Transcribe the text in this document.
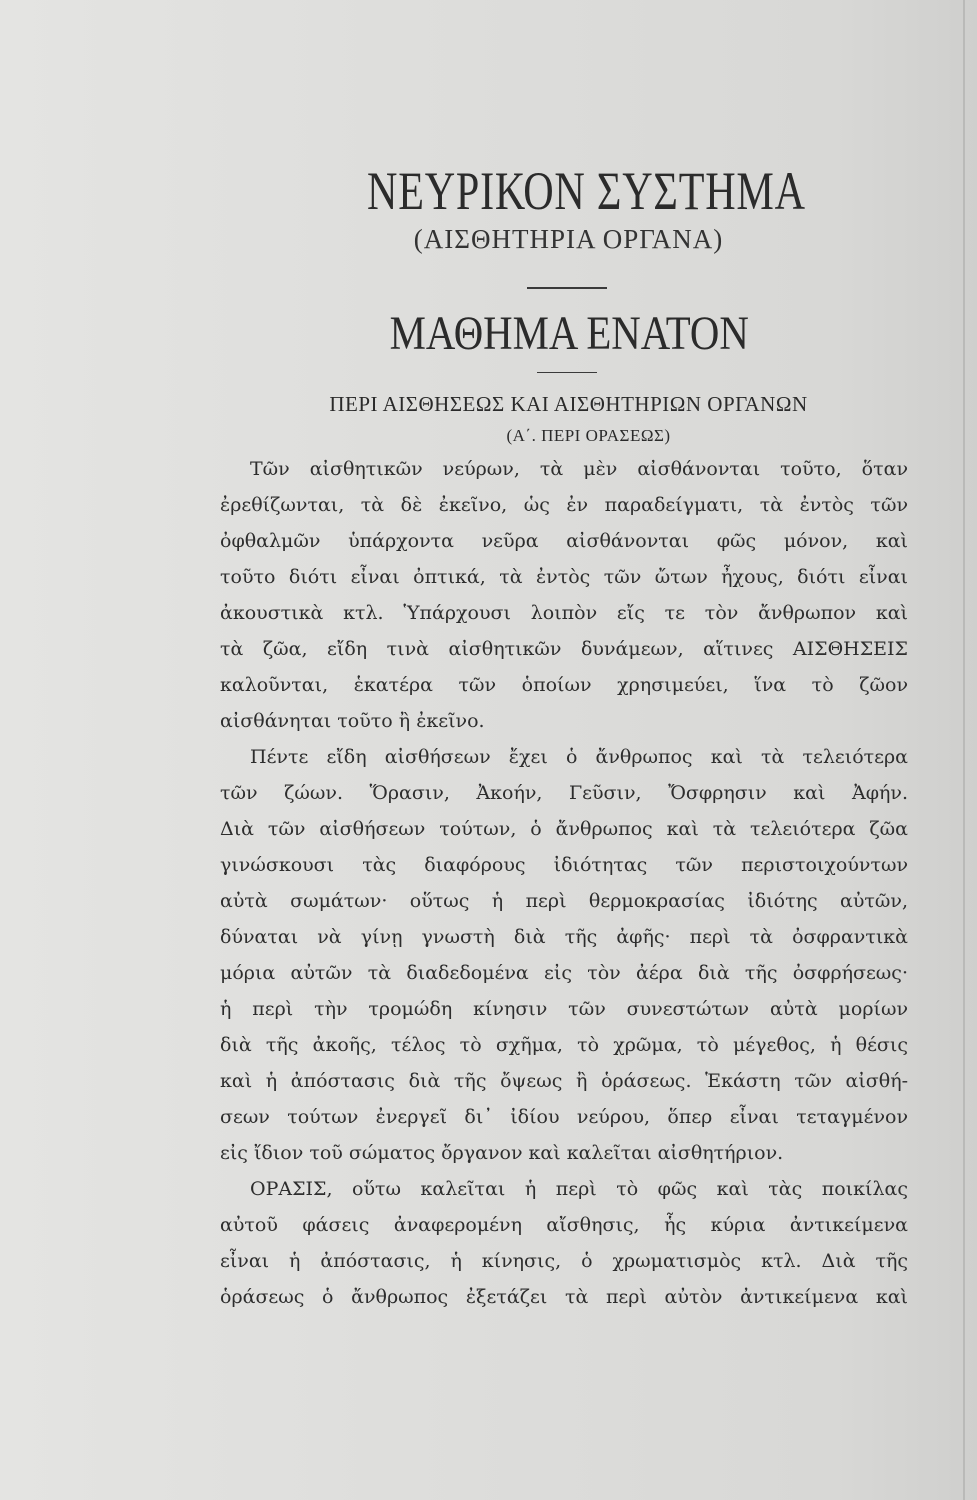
ΝΕΥΡΙΚΟΝ ΣΥΣΤΗΜΑ
(ΑΙΣΘΗΤΗΡΙΑ ΟΡΓΑΝΑ)
ΜΑΘΗΜΑ ΕΝΑΤΟΝ
ΠΕΡΙ ΑΙΣΘΗΣΕΩΣ ΚΑΙ ΑΙΣΘΗΤΗΡΙΩΝ ΟΡΓΑΝΩΝ
(Α΄. ΠΕΡΙ ΟΡΑΣΕΩΣ)
Τῶν αἰσθητικῶν νεύρων, τὰ μὲν αἰσθάνονται τοῦτο, ὅταν
ἐρεθίζωνται, τὰ δὲ ἐκεῖνο, ὡς ἐν παραδείγματι, τὰ ἐντὸς τῶν
ὀφθαλμῶν ὑπάρχοντα νεῦρα αἰσθάνονται φῶς μόνον, καὶ
τοῦτο διότι εἶναι ὀπτικά, τὰ ἐντὸς τῶν ὤτων ἦχους, διότι εἶναι
ἀκουστικὰ κτλ. Ὑπάρχουσι λοιπὸν εἴς τε τὸν ἄνθρωπον καὶ
τὰ ζῶα, εἴδη τινὰ αἰσθητικῶν δυνάμεων, αἵτινες ΑΙΣΘΗΣΕΙΣ
καλοῦνται, ἑκατέρα τῶν ὁποίων χρησιμεύει, ἵνα τὸ ζῶον
αἰσθάνηται τοῦτο ἢ ἐκεῖνο.
Πέντε εἴδη αἰσθήσεων ἔχει ὁ ἄνθρωπος καὶ τὰ τελειότερα
τῶν ζώων. Ὅρασιν, Ἀκοήν, Γεῦσιν, Ὄσφρησιν καὶ Ἀφήν.
Διὰ τῶν αἰσθήσεων τούτων, ὁ ἄνθρωπος καὶ τὰ τελειότερα ζῶα
γινώσκουσι τὰς διαφόρους ἰδιότητας τῶν περιστοιχούντων
αὐτὰ σωμάτων· οὕτως ἡ περὶ θερμοκρασίας ἰδιότης αὐτῶν,
δύναται νὰ γίνῃ γνωστὴ διὰ τῆς ἀφῆς· περὶ τὰ ὀσφραντικὰ
μόρια αὐτῶν τὰ διαδεδομένα εἰς τὸν ἀέρα διὰ τῆς ὀσφρήσεως·
ἡ περὶ τὴν τρομώδη κίνησιν τῶν συνεστώτων αὐτὰ μορίων
διὰ τῆς ἀκοῆς, τέλος τὸ σχῆμα, τὸ χρῶμα, τὸ μέγεθος, ἡ θέσις
καὶ ἡ ἀπόστασις διὰ τῆς ὄψεως ἢ ὁράσεως. Ἑκάστη τῶν αἰσθή-
σεων τούτων ἐνεργεῖ δι᾿ ἰδίου νεύρου, ὅπερ εἶναι τεταγμένον
εἰς ἴδιον τοῦ σώματος ὄργανον καὶ καλεῖται αἰσθητήριον.
ΟΡΑΣΙΣ, οὕτω καλεῖται ἡ περὶ τὸ φῶς καὶ τὰς ποικίλας
αὐτοῦ φάσεις ἀναφερομένη αἴσθησις, ἧς κύρια ἀντικείμενα
εἶναι ἡ ἀπόστασις, ἡ κίνησις, ὁ χρωματισμὸς κτλ. Διὰ τῆς
ὁράσεως ὁ ἄνθρωπος ἐξετάζει τὰ περὶ αὐτὸν ἀντικείμενα καὶ
